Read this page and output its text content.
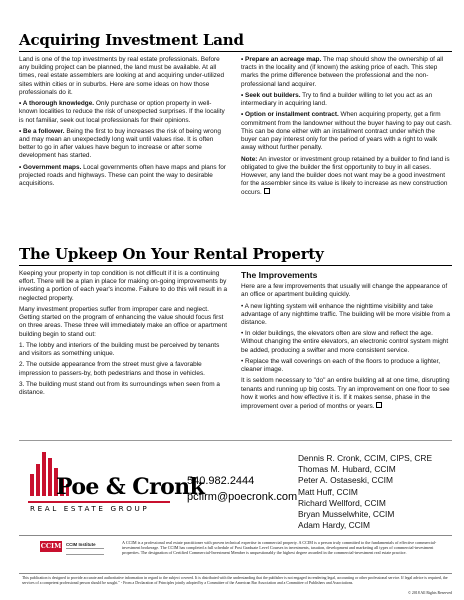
Acquiring Investment Land

Land is one of the top investments by real estate professionals. Before any building project can be planned, the land must be available. At all times, real estate assemblers are looking at and acquiring under-utilized sites within cities or in suburbs. Here are some ideas on how those professionals do it.

• A thorough knowledge. Only purchase or option property in well-known localities to reduce the risk of unexpected surprises. If the locality is not familiar, seek out local professionals for their opinions.

• Be a follower. Being the first to buy increases the risk of being wrong and may mean an unexpectedly long wait until values rise. It is often better to go in after values have begun to increase or after some development has started.

• Government maps. Local governments often have maps and plans for projected roads and highways. These can point the way to desirable acquisitions.

• Prepare an acreage map. The map should show the ownership of all tracts in the locality and (if known) the asking price of each. This step marks the prime difference between the professional and the non-professional land acquirer.

• Seek out builders. Try to find a builder willing to let you act as an intermediary in acquiring land.

• Option or installment contract. When acquiring property, get a firm commitment from the landowner without the buyer having to pay out cash. This can be done either with an installment contract under which the buyer can pay interest only for the period of years with a right to walk away without further penalty.

Note: An investor or investment group retained by a builder to find land is obligated to give the builder the first opportunity to buy in all cases. However, any land the builder does not want may be a good investment for the assembler since its value is likely to increase as new construction occurs.

The Upkeep On Your Rental Property

Keeping your property in top condition is not difficult if it is a continuing effort. There will be a plan in place for making on-going improvements by investing a portion of each year's income. Failure to do this will result in a neglected property.

Many investment properties suffer from improper care and neglect. Getting started on the program of enhancing the value should focus first on three areas. These three will immediately make an office or apartment building begin to stand out:

1. The lobby and interiors of the building must be perceived by tenants and visitors as something unique.

2. The outside appearance from the street must give a favorable impression to passers-by, both pedestrians and those in vehicles.

3. The building must stand out from its surroundings when seen from a distance.

The Improvements

Here are a few improvements that usually will change the appearance of an office or apartment building quickly.

• A new lighting system will enhance the nighttime visibility and take advantage of any nighttime traffic. The building will be more visible from a distance.

• In older buildings, the elevators often are slow and reflect the age. Without changing the entire elevators, an electronic control system might be added, producing a swifter and more consistent service.

• Replace the wall coverings on each of the floors to produce a lighter, cleaner image.

It is seldom necessary to "do" an entire building all at one time, disrupting tenants and running up big costs. Try an improvement on one floor to see how it works and how effective it is. If it makes sense, phase in the improvement over a period of months or years.

Poe & Cronk
REAL ESTATE GROUP
540.982.2444
pcfirm@poecronk.com
Dennis R. Cronk, CCIM, CIPS, CRE
Thomas M. Hubard, CCIM
Peter A. Ostaseski, CCIM
Matt Huff, CCIM
Richard Wellford, CCIM
Bryan Musselwhite, CCIM
Adam Hardy, CCIM
CCIM CCIM Institute	A CCIM is a professional real estate practitioner with proven technical expertise in commercial property. A CCIM is a person truly committed to the fundamentals of effective commercial-investment brokerage. The CCIM has completed a full schedule of Post Graduate Level Courses in investments, taxation, development and marketing all types of commercial-investment properties. The designation of Certified Commercial-Investment Member is unquestionably the highest degree awarded in the commercial-investment real estate practice.
This publication is designed to provide accurate and authoritative information in regard to the subject covered. It is distributed with the understanding that the publisher is not engaged in rendering legal, accounting or other professional service. If legal advice is required, the services of a competent professional person should be sought." - From a Declaration of Principles jointly adopted by a Committee of the American Bar Association and a Committee of Publishers and Associations.
© 2018 All Rights Reserved
